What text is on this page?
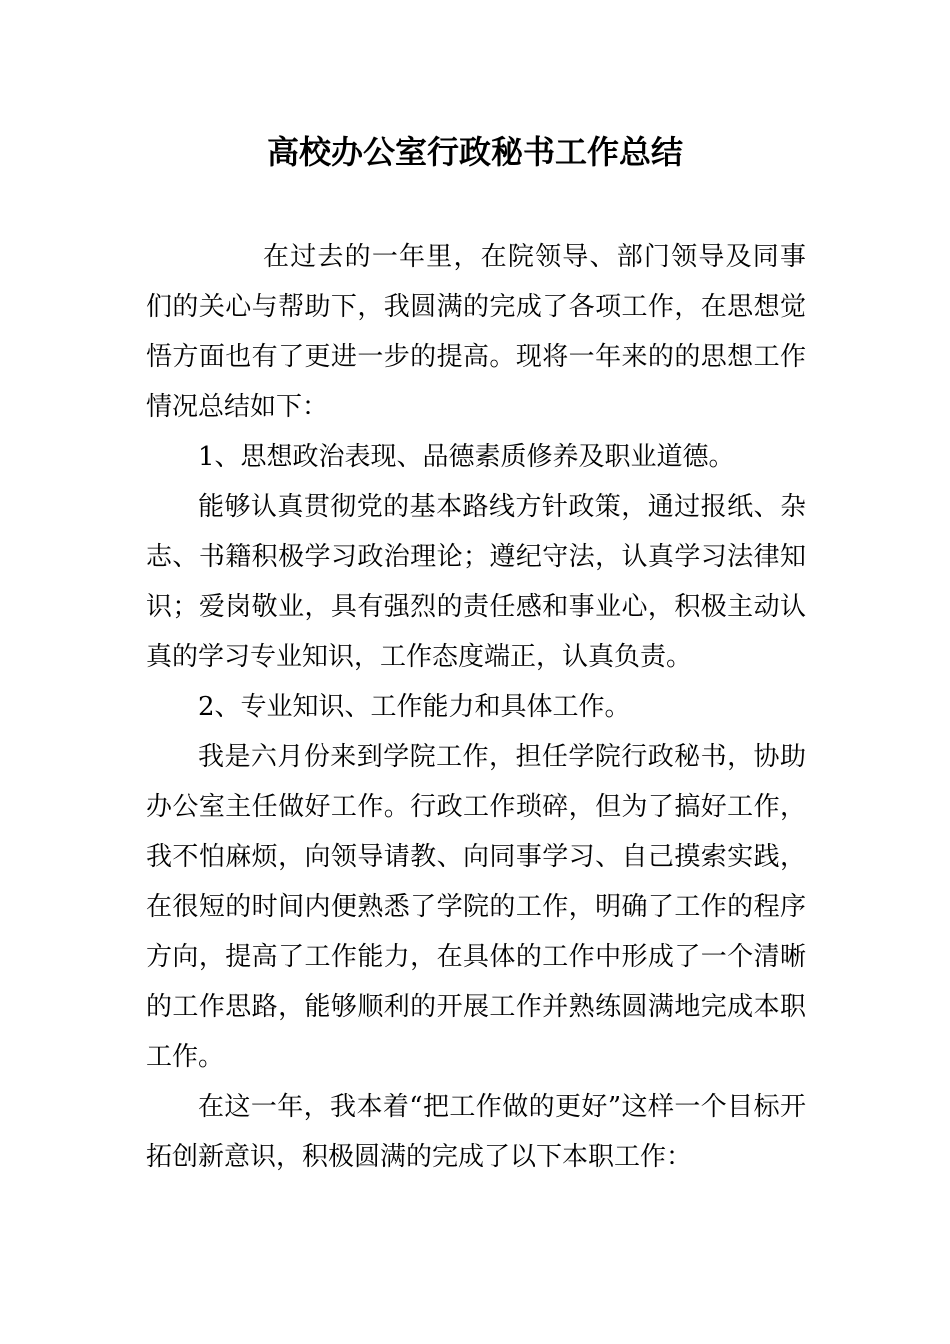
高校办公室行政秘书工作总结

在过去的一年里，在院领导、部门领导及同事们的关心与帮助下，我圆满的完成了各项工作，在思想觉悟方面也有了更进一步的提高。现将一年来的的思想工作情况总结如下：

1、思想政治表现、品德素质修养及职业道德。

能够认真贯彻党的基本路线方针政策，通过报纸、杂志、书籍积极学习政治理论；遵纪守法，认真学习法律知识；爱岗敬业，具有强烈的责任感和事业心，积极主动认真的学习专业知识，工作态度端正，认真负责。

2、专业知识、工作能力和具体工作。

我是六月份来到学院工作，担任学院行政秘书，协助办公室主任做好工作。行政工作琐碎，但为了搞好工作，我不怕麻烦，向领导请教、向同事学习、自己摸索实践，在很短的时间内便熟悉了学院的工作，明确了工作的程序方向，提高了工作能力，在具体的工作中形成了一个清晰的工作思路，能够顺利的开展工作并熟练圆满地完成本职工作。

在这一年，我本着“把工作做的更好”这样一个目标开拓创新意识，积极圆满的完成了以下本职工作：
